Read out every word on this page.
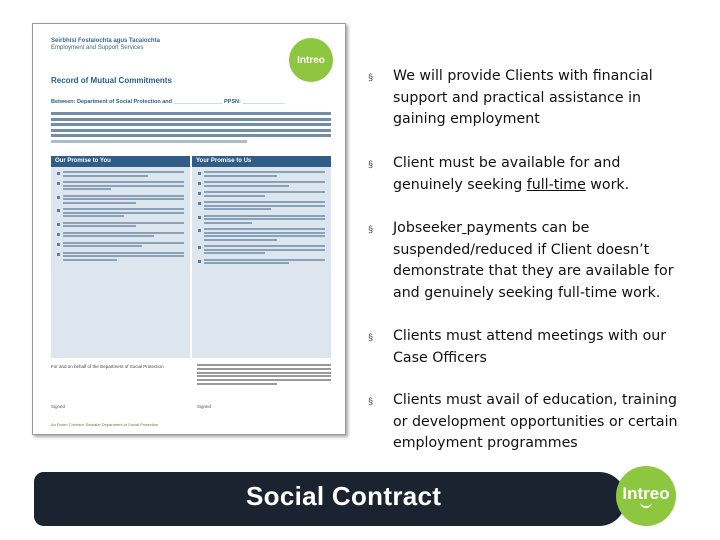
Seirbhísí Fostaíochta agus Tacaíochta
Employment and Support Services
Intreo
Record of Mutual Commitments
Between: Department of Social Protection and ________________ PPSN: ______________
Our Promise to You	Your Promise to Us
For and on behalf of the Department of Social Protection
Signed	Signed
An Roinn Coimirce Sóisialaí Department of Social Protection
§	We will provide Clients with financial support and practical assistance in gaining employment
§	Client must be available for and genuinely seeking full-time work.
§	Jobseeker payments can be suspended/reduced if Client doesn’t demonstrate that they are available for and genuinely seeking full-time work.
§	Clients must attend meetings with our Case Officers
§	Clients must avail of education, training or development opportunities or certain employment programmes
Social Contract	Intreo
